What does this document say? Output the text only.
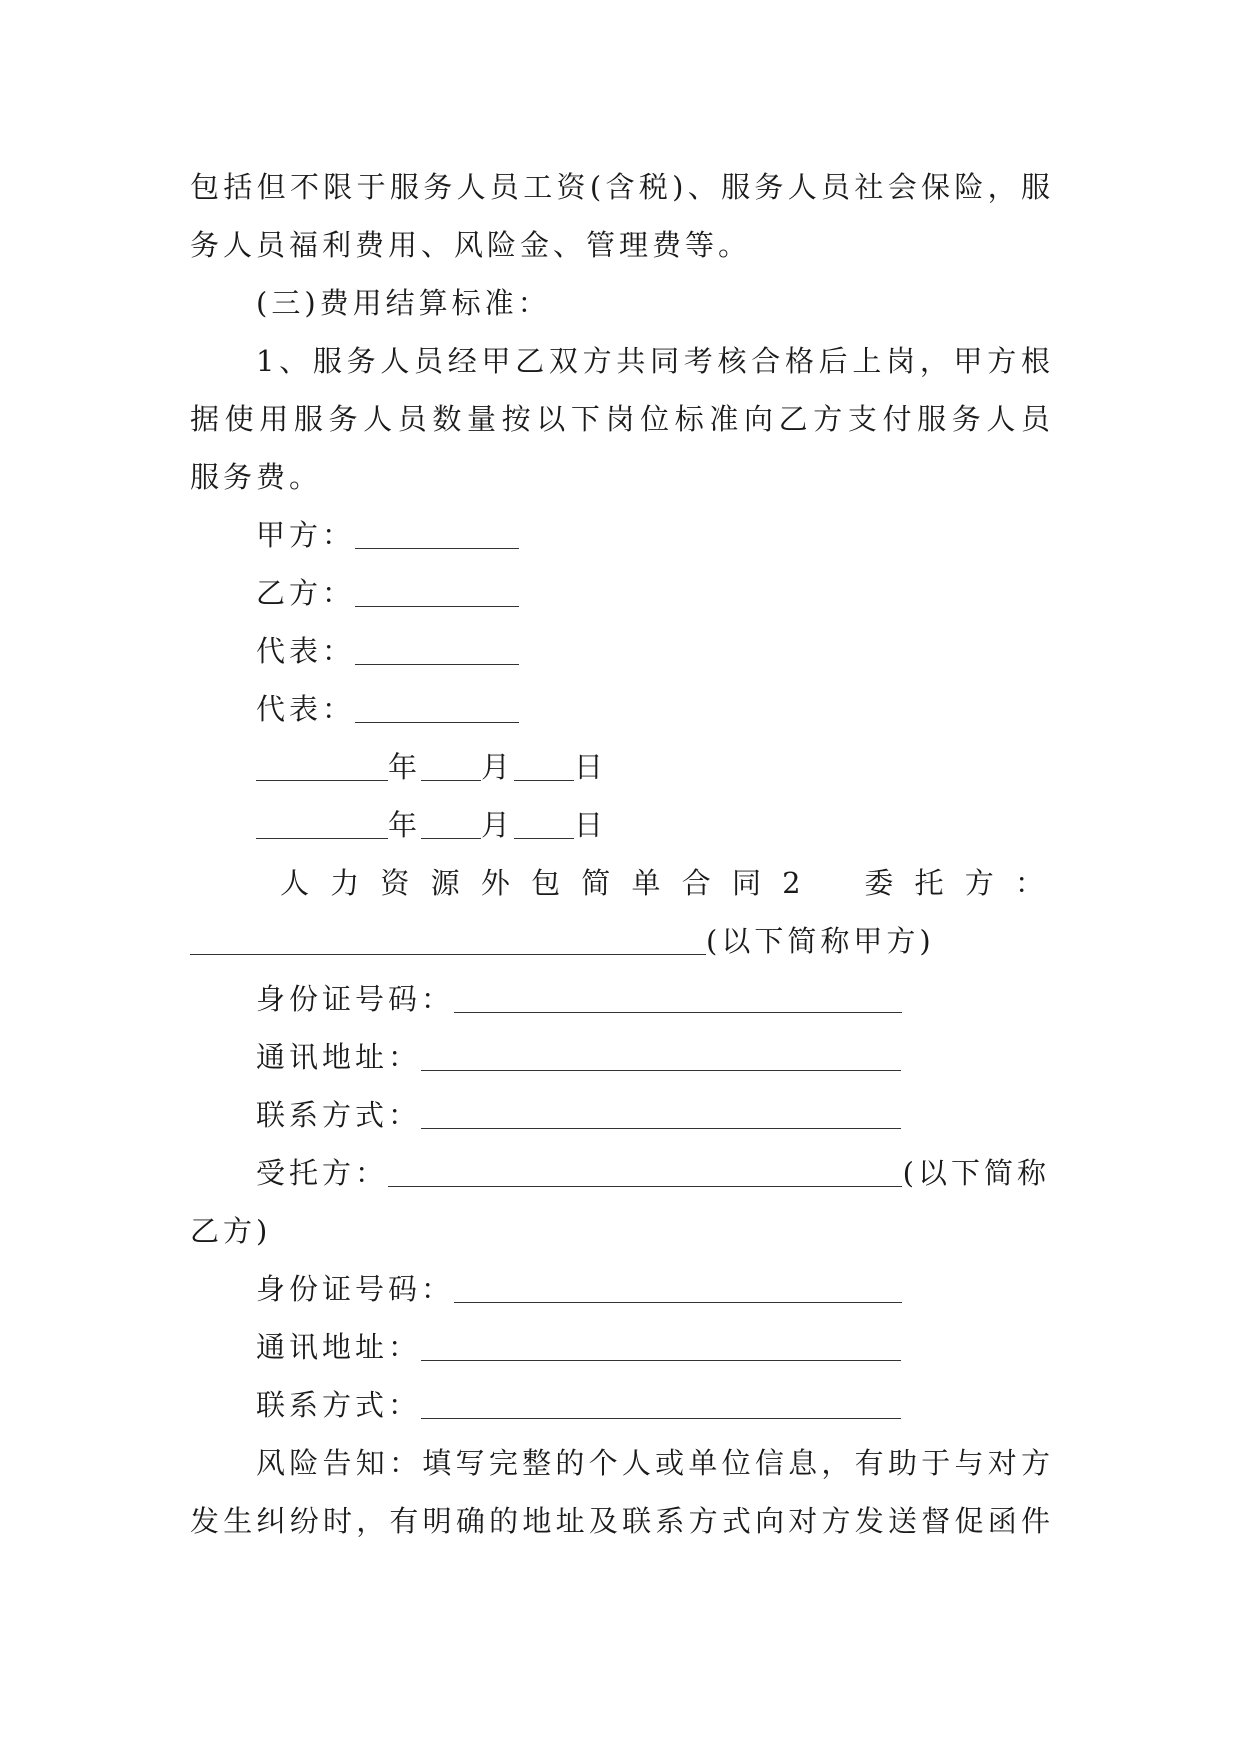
包括但不限于服务人员工资(含税)、服务人员社会保险，服
务人员福利费用、风险金、管理费等。
(三)费用结算标准：
1、服务人员经甲乙双方共同考核合格后上岗，甲方根
据使用服务人员数量按以下岗位标准向乙方支付服务人员
服务费。
甲方：
乙方：
代表：
代表：
年 月 日
年 月 日
人 力 资 源 外 包 简 单 合 同 2 委 托 方 ：
(以下简称甲方)
身份证号码：
通讯地址：
联系方式：
受托方：	(以下简称
乙方)
身份证号码：
通讯地址：
联系方式：
风险告知：填写完整的个人或单位信息，有助于与对方
发生纠纷时，有明确的地址及联系方式向对方发送督促函件
